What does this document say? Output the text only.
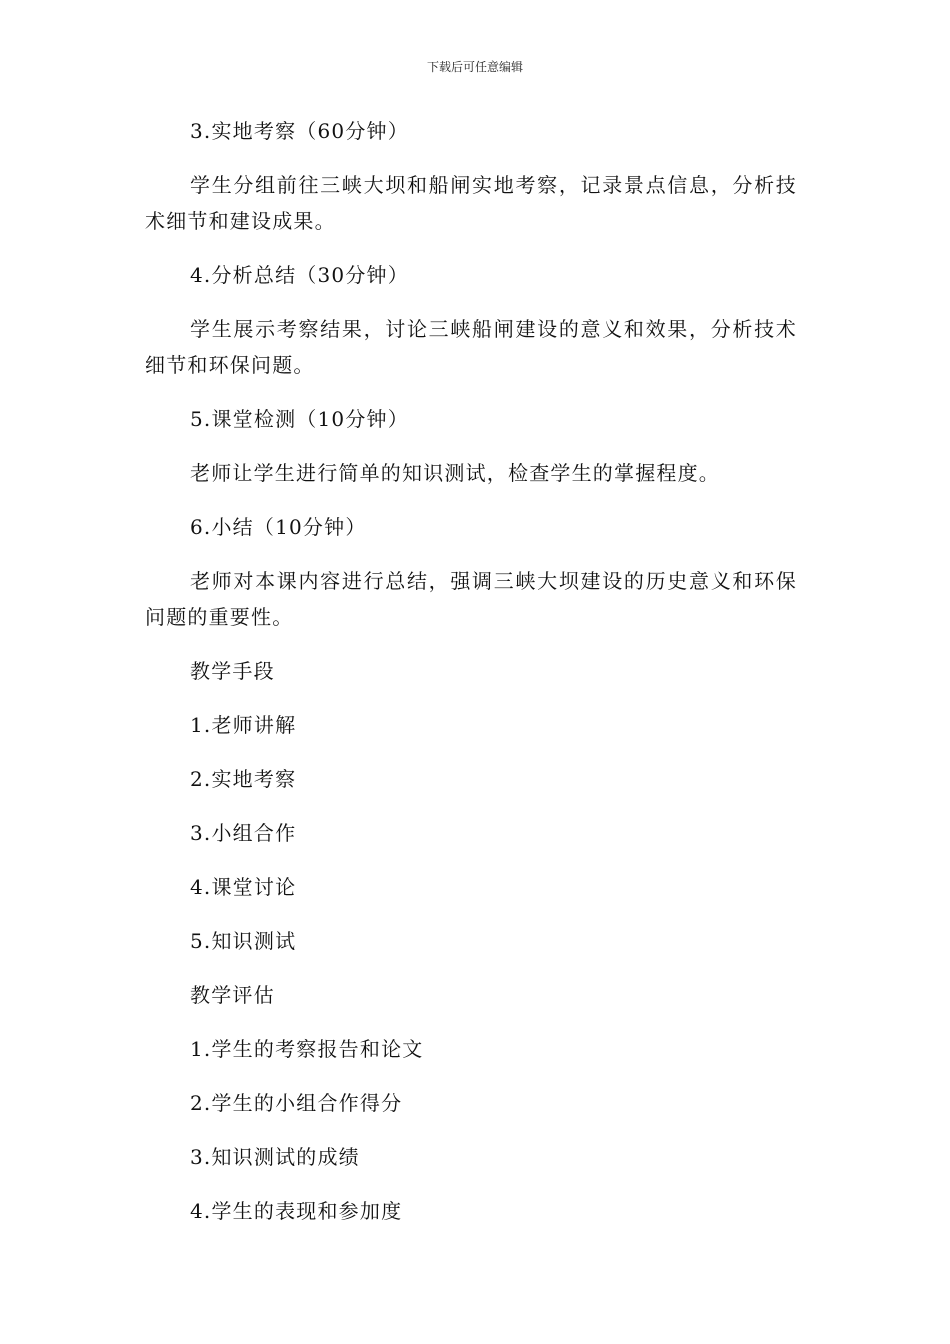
下载后可任意编辑

3.实地考察（60分钟）

学生分组前往三峡大坝和船闸实地考察，记录景点信息，分析技术细节和建设成果。

4.分析总结（30分钟）

学生展示考察结果，讨论三峡船闸建设的意义和效果，分析技术细节和环保问题。

5.课堂检测（10分钟）

老师让学生进行简单的知识测试，检查学生的掌握程度。

6.小结（10分钟）

老师对本课内容进行总结，强调三峡大坝建设的历史意义和环保问题的重要性。

教学手段

1.老师讲解

2.实地考察

3.小组合作

4.课堂讨论

5.知识测试

教学评估

1.学生的考察报告和论文

2.学生的小组合作得分

3.知识测试的成绩

4.学生的表现和参加度
